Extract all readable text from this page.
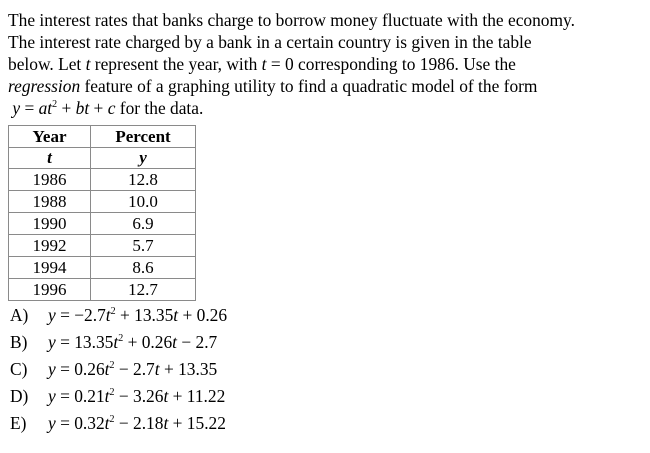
The interest rates that banks charge to borrow money fluctuate with the economy.
The interest rate charged by a bank in a certain country is given in the table
below. Let t represent the year, with t = 0 corresponding to 1986. Use the
regression feature of a graphing utility to find a quadratic model of the form
$y = at^2$ + bt + c for the data.
Year	Percent
t	y
1986	12.8
1988	10.0
1990	6.9
1992	5.7
1994	8.6
1996	12.7
A) $y = -2.7t^2 + 13.35t + 0.26$
B) $y = 13.35t^2 + 0.26t - 2.7$
C) $y = 0.26t^2 - 2.7t + 13.35$
D) $y = 0.21t^2 - 3.26t + 11.22$
E) $y = 0.32t^2 - 2.18t + 15.22$
